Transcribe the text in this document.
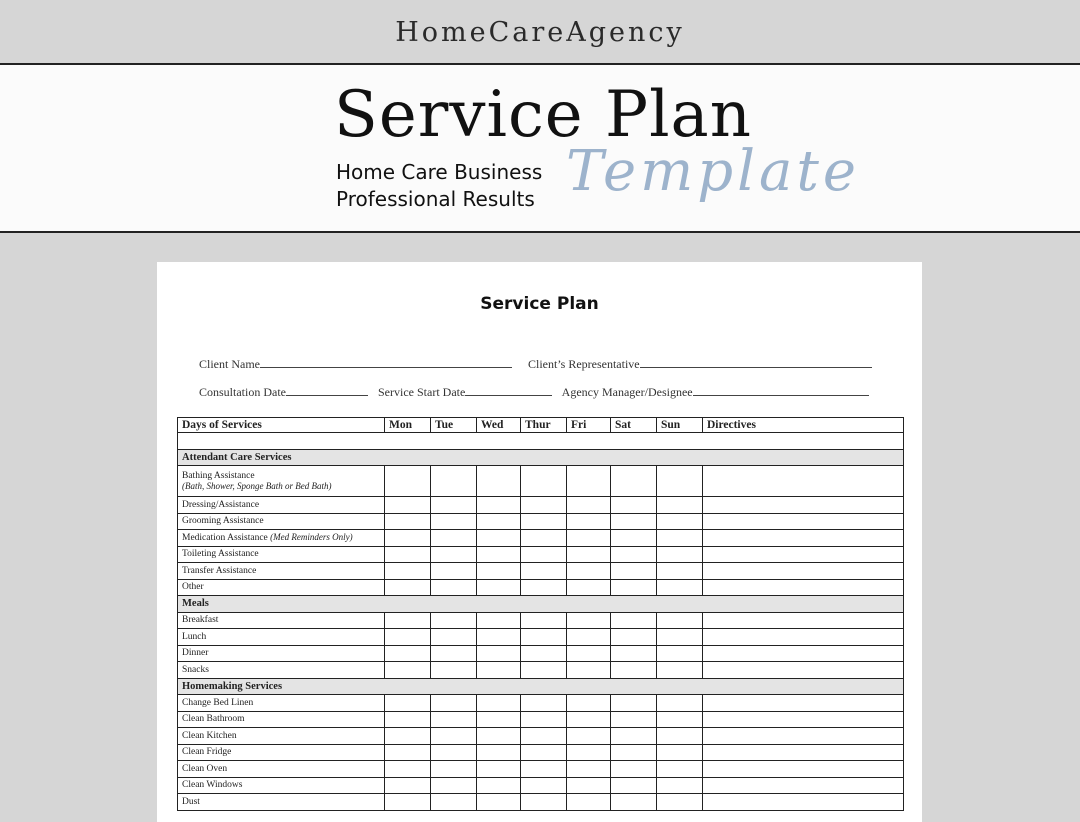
HomeCareAgency
Service Plan
Home Care Business
Professional Results Template
Service Plan
Client Name	Client’s Representative
Consultation Date	Service Start Date	Agency Manager/Designee
Days of Services	Mon	Tue	Wed	Thur	Fri	Sat	Sun	Directives

Attendant Care Services								
Bathing Assistance
(Bath, Shower, Sponge Bath or Bed Bath)								
Dressing/Assistance								
Grooming Assistance								
Medication Assistance (Med Reminders Only)								
Toileting Assistance								
Transfer Assistance								
Other								
Meals								
Breakfast								
Lunch								
Dinner								
Snacks								
Homemaking Services								
Change Bed Linen								
Clean Bathroom								
Clean Kitchen								
Clean Fridge								
Clean Oven								
Clean Windows								
Dust								
